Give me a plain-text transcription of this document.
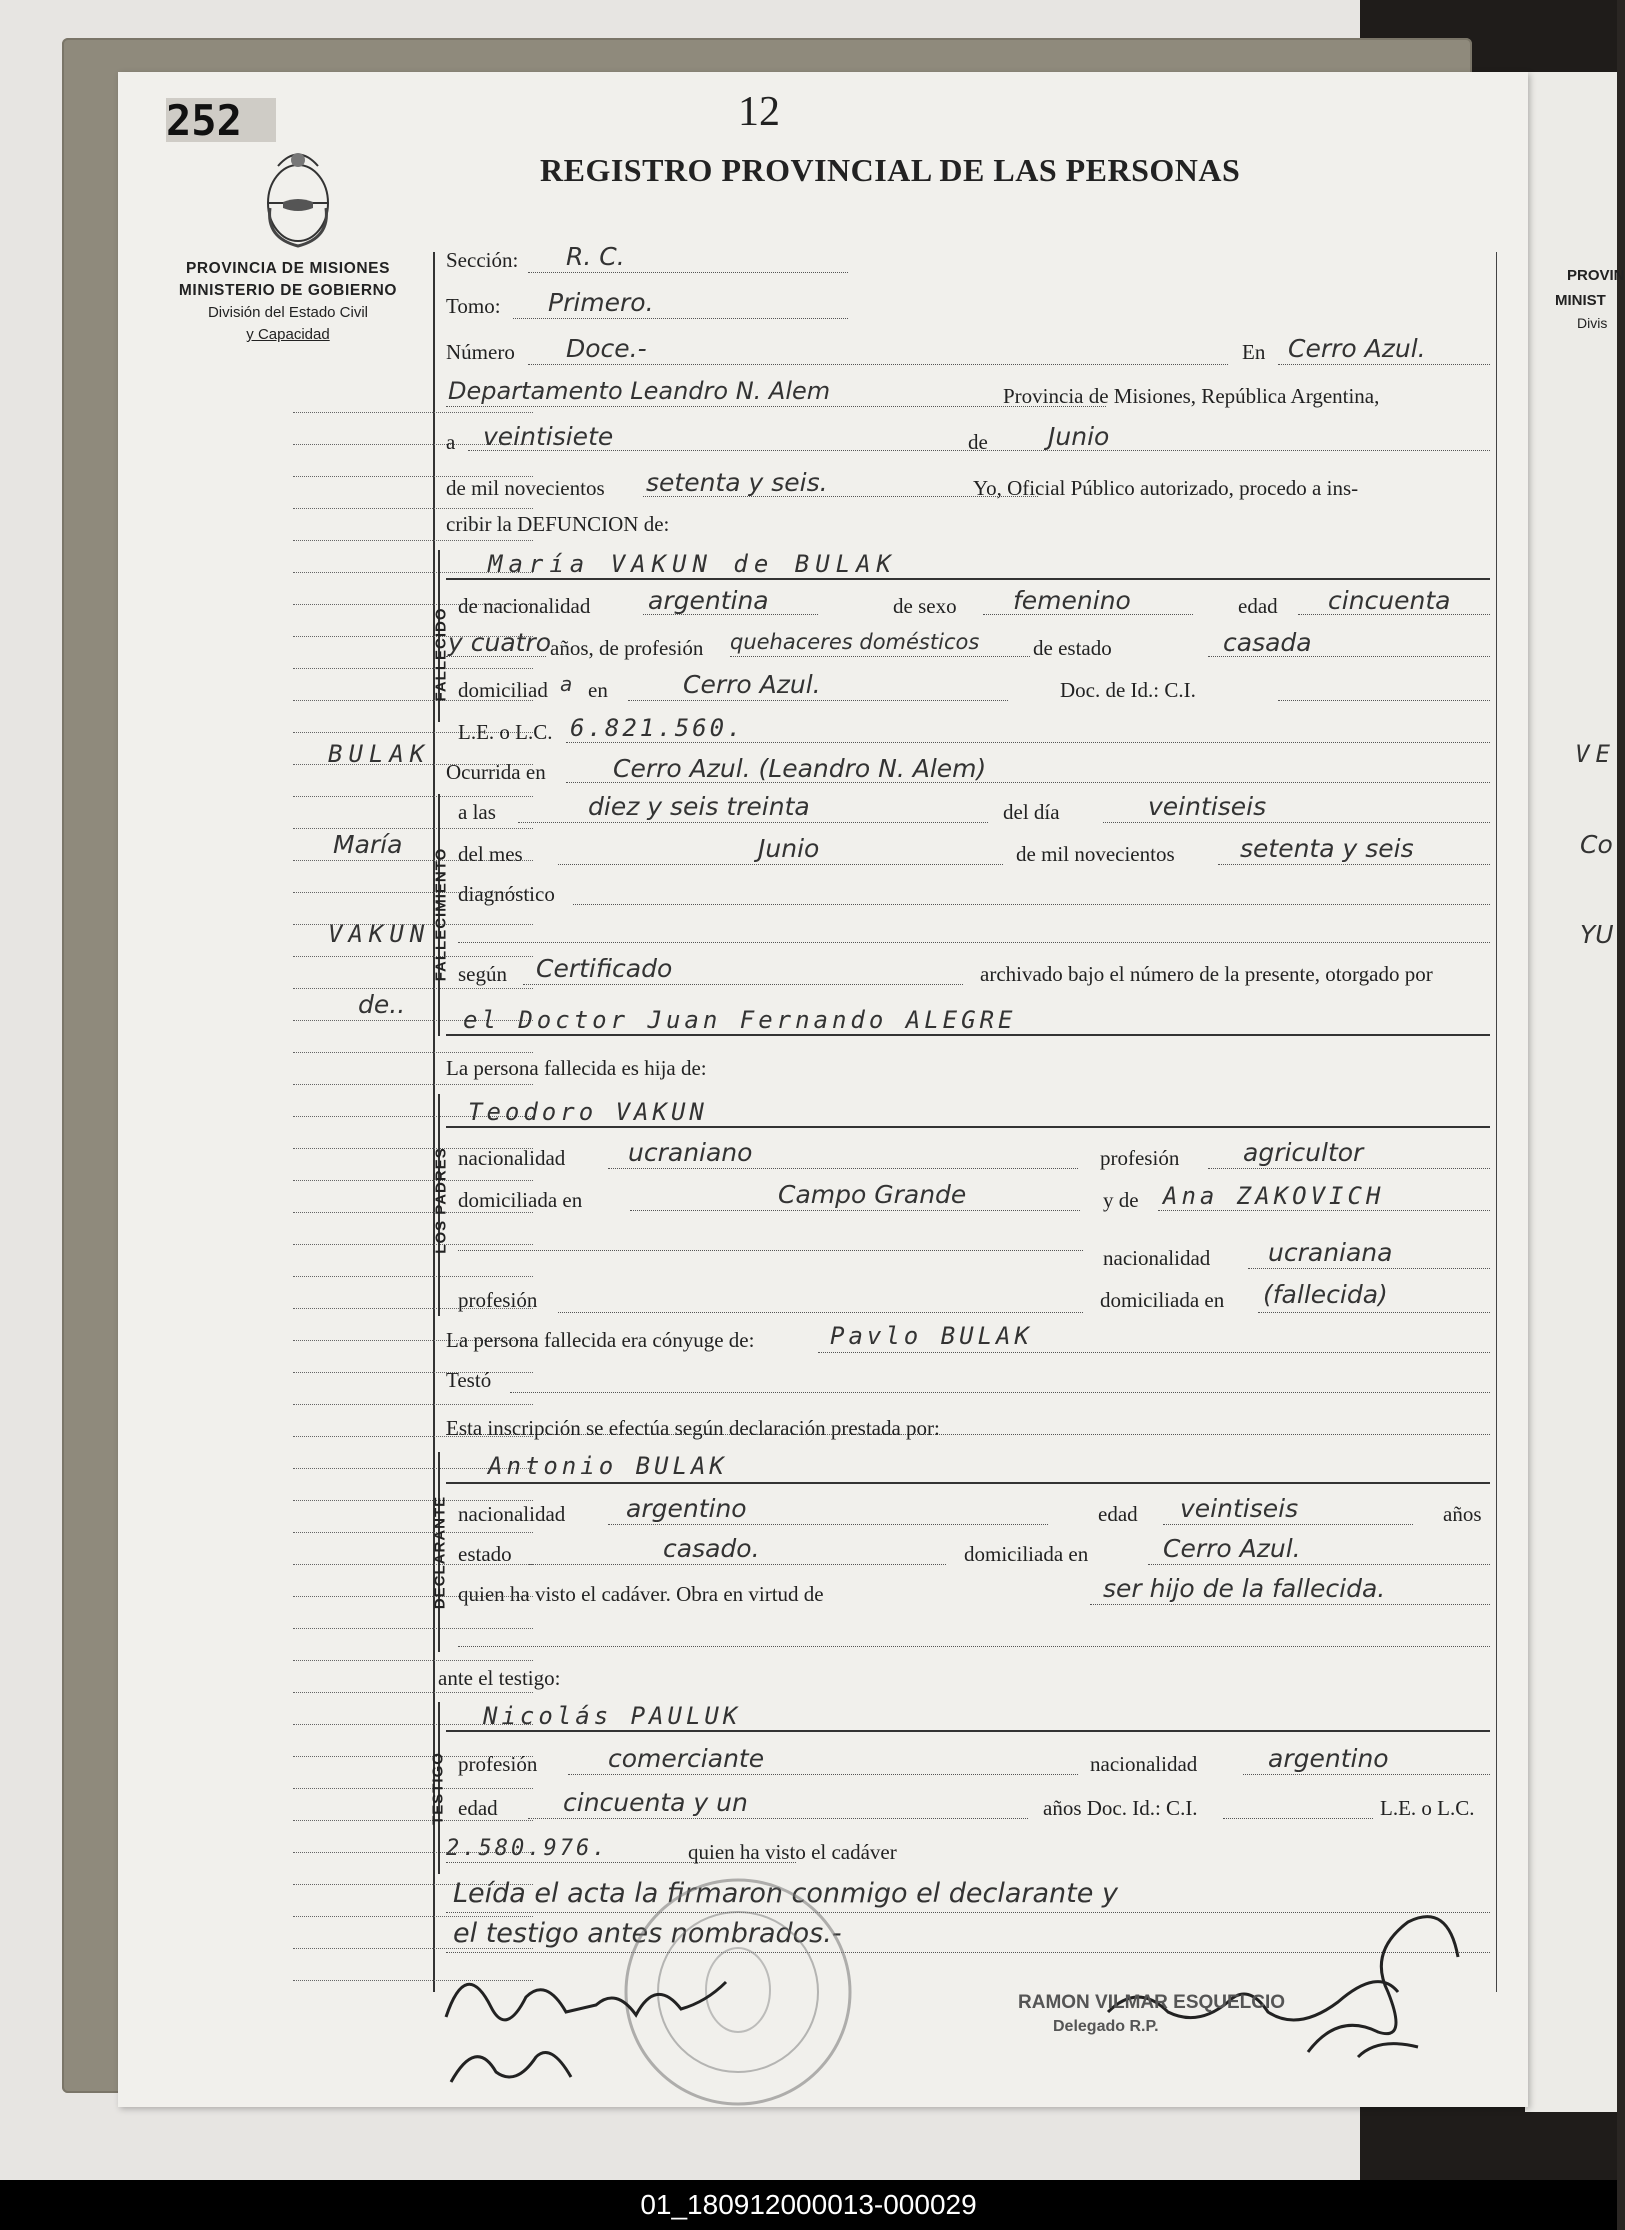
PROVIN
MINIST
Divis
VE
Co
YU
252	12
REGISTRO PROVINCIAL DE LAS PERSONAS
PROVINCIA DE MISIONES
MINISTERIO DE GOBIERNO
División del Estado Civil
y Capacidad
BULAK
María
VAKUN
de..
Sección: R. C.
Tomo: Primero.
Número Doce.-	En Cerro Azul.
Departamento Leandro N. Alem	Provincia de Misiones, República Argentina,
a veintisiete	de Junio
de mil novecientos setenta y seis.	Yo, Oficial Público autorizado, procedo a ins-
cribir la DEFUNCION de:
FALLECIDO
María VAKUN de BULAK
de nacionalidad argentina	de sexo femenino	edad cincuenta
y cuatro
años, de profesión quehaceres domésticos	de estado	casada
domiciliad a en	Cerro Azul.	Doc. de Id.: C.I.
L.E. o L.C. 6.821.560.
Ocurrida en	Cerro Azul. (Leandro N. Alem)
FALLECIMIENTO
a las	diez y seis treinta	del día	veintiseis
del mes	Junio	de mil novecientos	setenta y seis
diagnóstico
según Certificado	archivado bajo el número de la presente, otorgado por
el Doctor Juan Fernando ALEGRE
La persona fallecida es hija de:
LOS PADRES
Teodoro VAKUN
nacionalidad	ucraniano	profesión	agricultor
domiciliada en	Campo Grande	y de Ana ZAKOVICH
nacionalidad ucraniana
profesión	domiciliada en (fallecida)
La persona fallecida era cónyuge de:	Pavlo BULAK
Testó
Esta inscripción se efectúa según declaración prestada por:
DECLARANTE
Antonio BULAK
nacionalidad argentino	edad veintiseis	años
estado	casado.	domiciliada en	Cerro Azul.
quien ha visto el cadáver. Obra en virtud de	ser hijo de la fallecida.
ante el testigo:
TESTIGO
Nicolás PAULUK
profesión	comerciante	nacionalidad	argentino
edad	cincuenta y un	años Doc. Id.: C.I.	L.E. o L.C.
2.580.976.	quien ha visto el cadáver
Leída el acta la firmaron conmigo el declarante y
el testigo antes nombrados.-
RAMON VILMAR ESQUELCIO
Delegado R.P.
01_180912000013-000029
